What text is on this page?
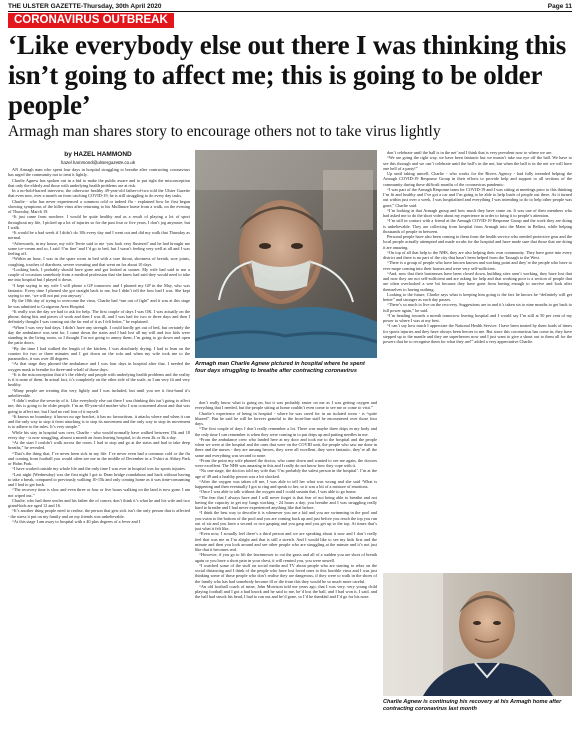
THE ULSTER GAZETTE-Thursday, 30th April 2020	Page 11
CORONAVIRUS OUTBREAK
‘Like everybody else out there I was thinking this isn’t going to affect me; this is going to be older people’
Armagh man shares story to encourage others not to take virus lightly
by HAZEL HAMMOND
hazel.hammond@ulstergazette.co.uk

AN Armagh man who spent four days in hospital struggling to breathe after contracting coronavirus has urged the community not to treat it lightly.

Charlie Agnew has spoken out in a bid to make the public aware and to put right the misconception that only the elderly and those with underlying health problems are at risk.

In a no-hold-barred interview, the otherwise healthy 49-year-old father-of-two told the Ulster Gazette that even now, over a month on from catching COVID-19, he is still struggling to do every day tasks.

Charlie - who has never experienced a common cold or indeed flu - explained how he first began showing symptoms of the killer virus after returning to his Mullinure home from a walk, on the evening of Thursday, March 19.

“It just came from nowhere. I would be quite healthy and as a result of playing a lot of sport throughout my life, I picked up a lot of injuries so for the past four or five years, I don’t jog anymore, but I walk.

“It would be a bad week if I didn’t do 10k every day and I went out and did my walk that Thursday as normal.

“Afterwards, in my house, my wife Terrie said to me ‘you look very flustered’ and he had brought me some ice-cream and so, I said ‘I’m fine’ and I’d go to bed, but I wasn’t feeling very well at all and I was feeling off.

“Within an hour, I was in the spare room in bed with a sore throat, shortness of breath, sore joints, coughing, touches of diarrhoea, severe sweating and that went on for about 10 days.

“Looking back, I probably should have gone and got looked at sooner. My wife had said to me a couple of occasions somebody from a medical profession that she knew had said they would need to take me into hospital but I played it down.

“I kept saying to my wife I will phone a GP tomorrow and I phoned my GP in the May, who was fantastic. Every time I phoned she got straight back to me, but I didn’t tell the how bad I was. She kept saying to me, ‘we will not put you anyway’.

By the 10th day of trying to overcome the virus, Charlie had “run out of fight” and it was at this stage he was admitted to Craigavon Area Hospital.

“It really was the day we had to ask for help. The first couple of days I was OK. I was actually on the phone, doing bits and pieces of work and then I was ill, and I was bad for two or three days and then I definitely thought I was coming out the far end of it as I felt better,” he explained.

“When I was very bad days, I didn’t have any strength. I could hardly get out of bed, but certainly the day the ambulance was sent for, I came down the stairs and I had lost all my will and two kids were standing in the living room, so I thought I’m not going to annoy them; I’m going to go down and open the patio doors.

“By the time I had walked the length of the kitchen, I was absolutely drying. I had to lean on the counter for two or three minutes and I got down on the sofa and when my wife took me to the paramedics, it was over 40 degrees.

“At that stage they phoned the ambulance and I was four days in hospital after that. I needed the oxygen mask to breathe for three-and-a-half of those days.

“It is the misconception that it’s the elderly and people with underlying health problems and the reality is it is none of them. In actual fact, it’s completely on the other side of the scale, as I am very fit and very healthy.

“Many people are treating this very lightly and I was included, but until you see it first-hand it’s unbelievable.

“I didn’t realise the severity of it. Like everybody else out there I was thinking this isn’t going to affect me; this is going to be older people. I’m an 85-year-old mother who I was concerned about and that was going to affect me, but I had no real fear of it myself.

“It knows no boundary, it knows no age bracket, it has no favouritism, it attacks where and when it can and the only way to stop it from attacking is to stop its movement and the only way to stop its movement is to adhere to the rules. It’s very simple.”

While his stay in hospital was over, Charlie - who would normally have walked between 15k and 18 every day - is now struggling, almost a month on from leaving hospital, to do even 2k or 3k a day.

“At the start I couldn’t walk across the room. I had to stop and go at the stairs and had to take deep breaths,” he revealed.

“That’s the thing that, I’ve never been sick in my life. I’ve never even had a common cold or the flu and coming from football you would often see me in the middle of December in a T-shirt at Abbey Park or Holm Park.

“I have worked outside my whole life and the only time I was ever in hospital was for sports injuries.

“Last night (Wednesday) was the first night I got to Dean bridge roundabout and back without having to take a break, compared to previously walking 10-15k and only coming home as it was time-consuming and I had to get back.

“The recovery time is slow and even three or four or five hours walking on the land is now gone. I am not wiped out.”

Charlie, who had three uncles and his father die of cancer, don’t think it’s what he and his wife and two grand-kids are aged 12 and 16.

“It’s another thing people need to realise, the person that gets sick isn’t the only person that is affected - the stress it put on my family and on my friends was unbelievable.

“At this stage I am away to hospital with a 40 plus degrees of a fever and I

Armagh man Charlie Agnew pictured in hospital where he spent four days struggling to breathe after contracting coronavirus

don’t really know what is going on, but it was probably easier on me as I was getting oxygen and everything that I needed, but the people sitting at home couldn’t even come to see me or come to visit.”

Charlie’s experience of being in hospital - where he was cared for in an isolated room - is “quite blurred”. But he said he will be forever grateful to the front-line staff he encountered over those four days.

“The first couple of days I don’t really remember a lot. There was maybe three drips in my body and the only time I can remember is when they were coming in to put drips up and putting needles in me.

“From the ambulance crew who landed here at my door and took me to the hospital and the people when we were at the hospital and the ones that were on the COVID unit, the people who saw me done in there and the nurses - they are unsung heroes, they were all excellent, they were fantastic, they’re all the same and everything was second to none.

“From the point my wife phoned the doctor, who came down and wanted to see me again, the doctors were excellent. The NHS was amazing in this and I really do not know how they cope with it.

“No one stage, the doctors told my wife that ‘I’m probably the safest person in the hospital’. I’m at the age of 49 and a healthy person was a bit shocked.

“After the oxygen was taken off me, I was able to tell her what was wrong and she said ‘What is happening and then eventually I got to ring and speak to her, so it was a bit of a mixture of emotions.

“Once I was able to talk without the oxygen and I could sustain that, I was able to go home.

“The fear that I always have and I will never forget is that fear of not being able to breathe and not having the capacity to get my lungs working - 24 hours a day, you breathe and I was struggling really hard to breathe and I had never experienced anything like that before.

“I think the best way to describe it is whenever you are a kid and you are swimming in the pool and you swim to the bottom of the pool and you are coming back up and just before you reach the top you run out of air and you have a second or two gasping and you gasp and you get up to the top. At times that’s just what it felt like.

“Even now, I actually feel there’s a third person and we are speaking about it now and I don’t really feel that was me as I’m alright and that is still a stretch. And I would like to see my kids first and the minute and then you look around and see other people who are struggling at the minute and it’s not just like that it becomes real.

“However, if you go to lift the lawnmower to cut the grass and all of a sudden you are short of breath again or you have a short pain in your chest, it will remind you, you were unwell.

“I watched some of the stuff on social media and TV about people who are starting to relax on the social distancing and I think of the people who have lost loved ones to this horrible virus and I was just thinking some of those people who don’t realise they are dangerous, if they were to walk in the shoes of the family who has had somebody become ill or die from this they would be so much more careful.

“An old football coach of mine, John Morrison told me years ago, that I was very, very young child playing football and I got a bad knock and he said to me, he’d lost the ball, and I had won it, I said, and the ball had struck his head, I had to run out and he’d gone, so I’d be thankful and I’d go for his nose.

don’t celebrate until the ball is in the net’ and I think that is very prevalent now to where we are.

“We are going the right way, we have been fantastic but we mustn’t take our eye off the ball. We have to see this through and we can’t celebrate until the ball’s in the net, but when the ball is in the net we will have one hell of a party!”

Up until taking unwell, Charlie - who works for the Rivers Agency - had fully intended helping the Armagh COVID-19 Response Group in their efforts to provide help and support to all sections of the community during these difficult months of the coronavirus pandemic.

“I was part of the Armagh Response team for COVID-19 and I was sitting at meetings prior to this thinking I’m fit and healthy and I’ve got a car and I’m going to be able to help loads of people out there. As it turned out within just over a week, I was hospitalised and everything I was intending to do to help other people was gone,” Charlie said.

“I’m looking at that Armagh group and how much they have come on. It was one of their members who had asked me to do the short video about my experience in order to bring it to people’s attention.

“I’m still in contact with a friend at the Armagh COVID-19 Response Group and the work they are doing is unbelievable. They are collecting from hospital from Armagh into the Mater in Belfast, while helping thousands of people in between.

Personal people have also been coming to them from the health service who needed protective gear and the local people actually attempted and made scrubs for the hospital and have made sure that those that are doing it are amazing.

“On top of all that help to the NHS, they are also helping their own community. They have gone into every district and there is no part of the city that hasn’t been helped from the Tassagh to the West.

“There is a group of people who have known known and working point and they’re the people who have to ever mope coming into their houses and were very self-sufficient.

“And, now that their businesses have been closed down, building sites aren’t working, they have lost that and now they are not self-sufficient and are asking for help and that working poor is a section of people that are often overlooked a wee bit because they have gone from having enough to survive and look after themselves to having nothing.

Looking to the future, Charlie says what is keeping him going is the fact he knows he “definitely will get better” and stronger as each day passes.

“There’s so much to live on the recovery. Suggestions are in and it’s taken six to nine months to get back to full power again,” he said.

“I’m heading towards a month tomorrow leaving hospital and I would say I’m still at 50 per cent of my power to where I was at my best.

“I can’t say how much I appreciate the National Health Service. I have been treated by them loads of times for sports injuries and they have always been heroes to me. But since this coronavirus has come in, they have stepped up to the mantle and they are superheroes now and I just want to give a shout out to them all for the powers that be to recognise them for what they are!” added a very appreciative Charlie.

Charlie Agnew is continuing his recovery at his Armagh home after contracting coronavirus last month
